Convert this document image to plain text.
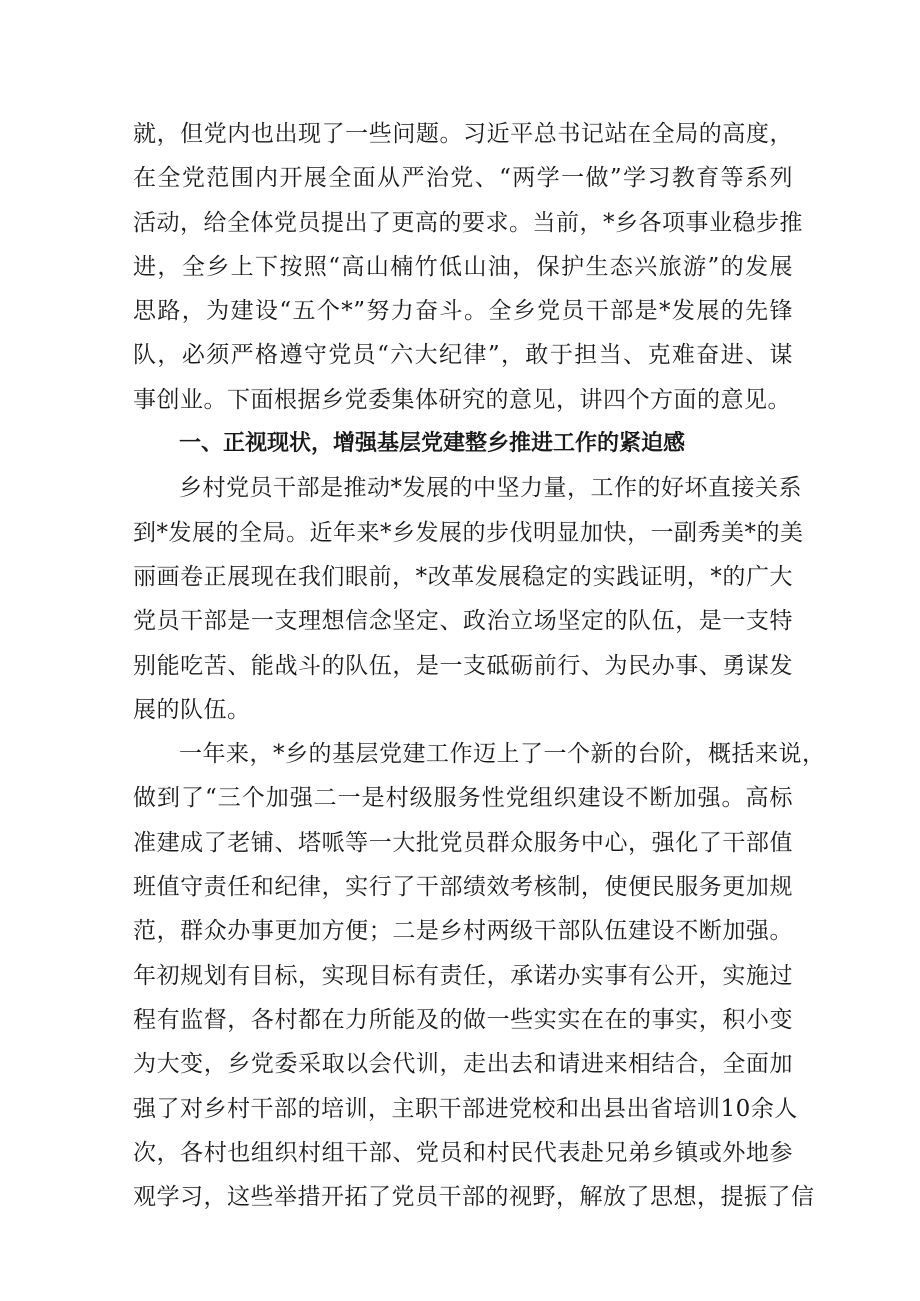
就，但党内也出现了一些问题。习近平总书记站在全局的高度，
在全党范围内开展全面从严治党、“两学一做”学习教育等系列
活动，给全体党员提出了更高的要求。当前，*乡各项事业稳步推
进，全乡上下按照“高山楠竹低山油，保护生态兴旅游”的发展
思路，为建设“五个*”努力奋斗。全乡党员干部是*发展的先锋
队，必须严格遵守党员“六大纪律”，敢于担当、克难奋进、谋
事创业。下面根据乡党委集体研究的意见，讲四个方面的意见。
一、正视现状，增强基层党建整乡推进工作的紧迫感
乡村党员干部是推动*发展的中坚力量，工作的好坏直接关系
到*发展的全局。近年来*乡发展的步伐明显加快，一副秀美*的美
丽画卷正展现在我们眼前，*改革发展稳定的实践证明，*的广大
党员干部是一支理想信念坚定、政治立场坚定的队伍，是一支特
别能吃苦、能战斗的队伍，是一支砥砺前行、为民办事、勇谋发
展的队伍。
一年来，*乡的基层党建工作迈上了一个新的台阶，概括来说，
做到了“三个加强二一是村级服务性党组织建设不断加强。高标
准建成了老铺、塔哌等一大批党员群众服务中心，强化了干部值
班值守责任和纪律，实行了干部绩效考核制，使便民服务更加规
范，群众办事更加方便；二是乡村两级干部队伍建设不断加强。
年初规划有目标，实现目标有责任，承诺办实事有公开，实施过
程有监督，各村都在力所能及的做一些实实在在的事实，积小变
为大变，乡党委采取以会代训，走出去和请进来相结合，全面加
强了对乡村干部的培训，主职干部进党校和出县出省培训10余人
次，各村也组织村组干部、党员和村民代表赴兄弟乡镇或外地参
观学习，这些举措开拓了党员干部的视野，解放了思想，提振了信
